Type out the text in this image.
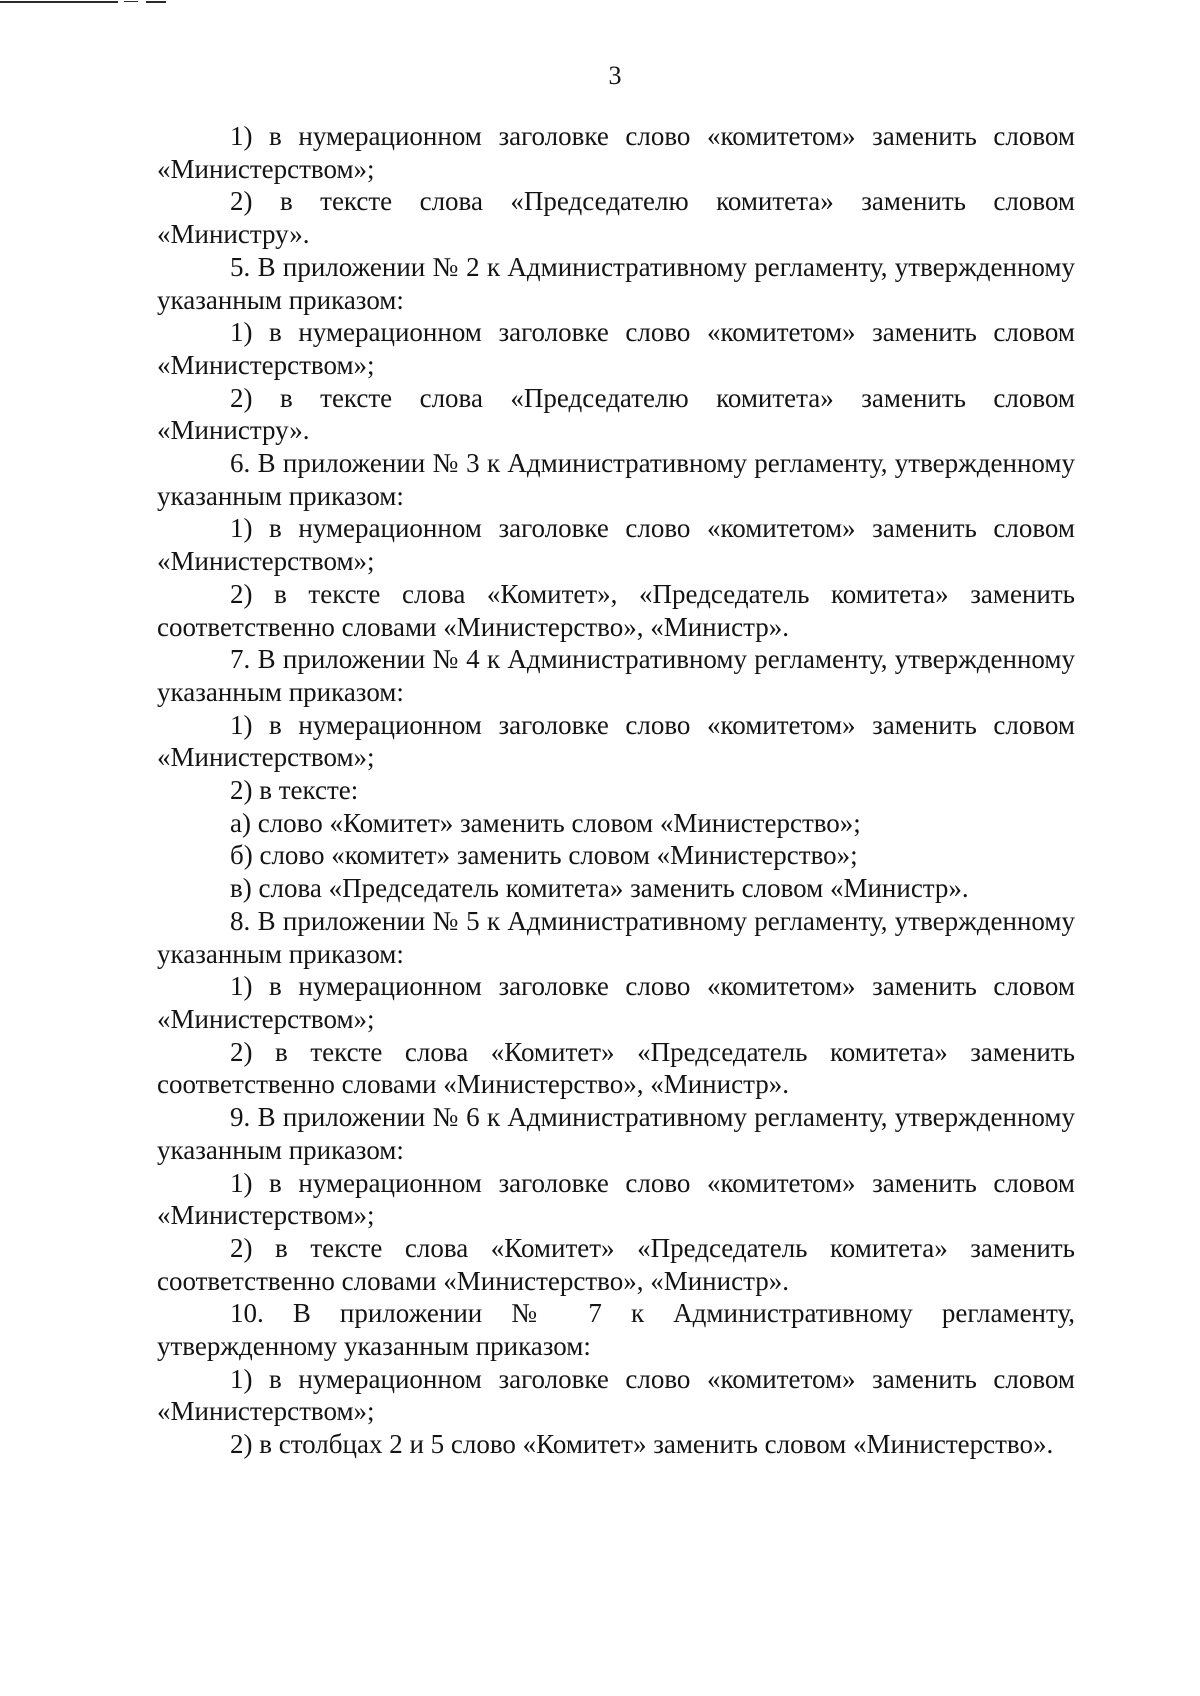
3

1) в нумерационном заголовке слово «комитетом» заменить словом «Министерством»;

2) в тексте слова «Председателю комитета» заменить словом «Министру».

5. В приложении № 2 к Административному регламенту, утвержденному указанным приказом:

1) в нумерационном заголовке слово «комитетом» заменить словом «Министерством»;

2) в тексте слова «Председателю комитета» заменить словом «Министру».

6. В приложении № 3 к Административному регламенту, утвержденному указанным приказом:

1) в нумерационном заголовке слово «комитетом» заменить словом «Министерством»;

2) в тексте слова «Комитет», «Председатель комитета» заменить соответственно словами «Министерство», «Министр».

7. В приложении № 4 к Административному регламенту, утвержденному указанным приказом:

1) в нумерационном заголовке слово «комитетом» заменить словом «Министерством»;

2) в тексте:

а) слово «Комитет» заменить словом «Министерство»;

б) слово «комитет» заменить словом «Министерство»;

в) слова «Председатель комитета» заменить словом «Министр».

8. В приложении № 5 к Административному регламенту, утвержденному указанным приказом:

1) в нумерационном заголовке слово «комитетом» заменить словом «Министерством»;

2) в тексте слова «Комитет» «Председатель комитета» заменить соответственно словами «Министерство», «Министр».

9. В приложении № 6 к Административному регламенту, утвержденному указанным приказом:

1) в нумерационном заголовке слово «комитетом» заменить словом «Министерством»;

2) в тексте слова «Комитет» «Председатель комитета» заменить соответственно словами «Министерство», «Министр».

10. В приложении № 7 к Административному регламенту, утвержденному указанным приказом:

1) в нумерационном заголовке слово «комитетом» заменить словом «Министерством»;

2) в столбцах 2 и 5 слово «Комитет» заменить словом «Министерство».
